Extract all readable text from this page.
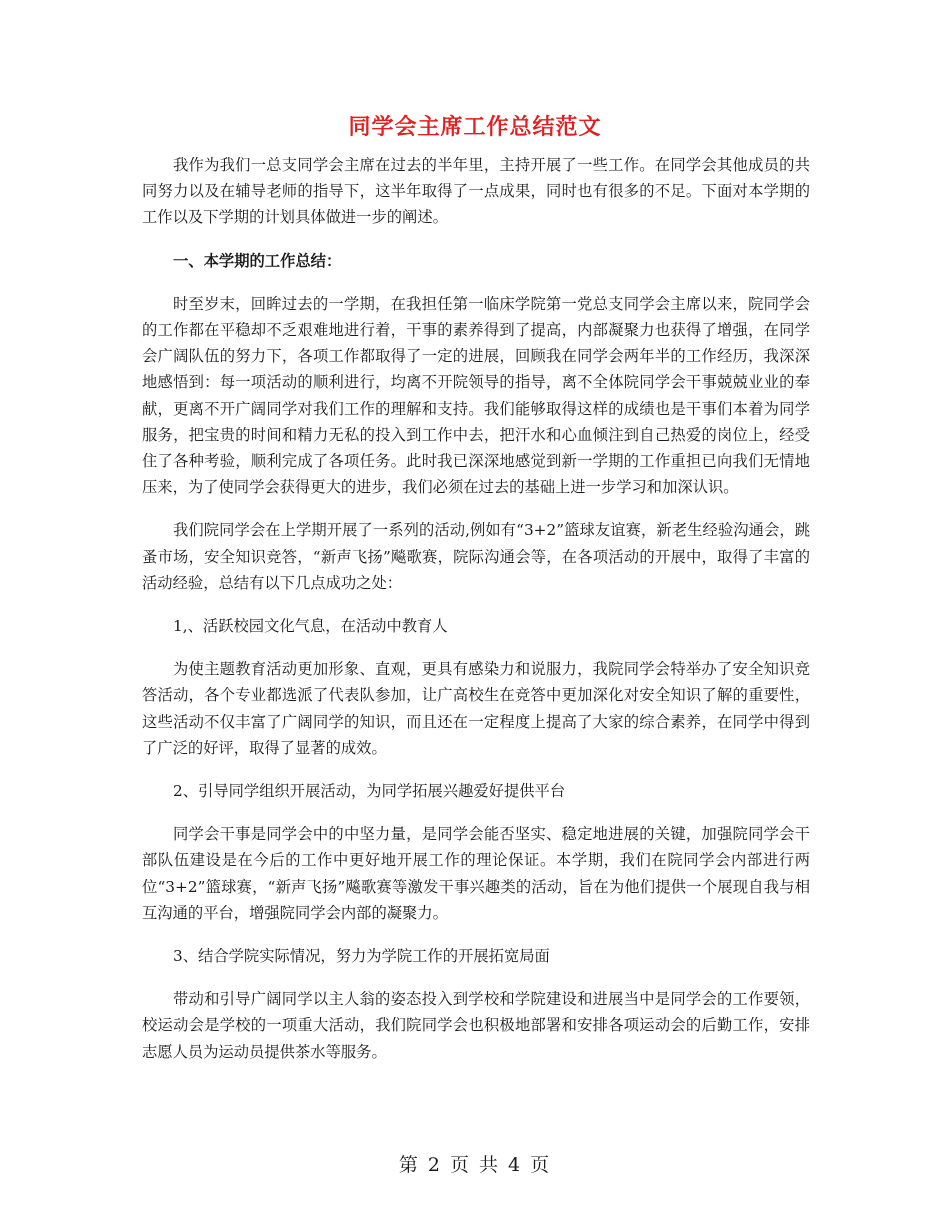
同学会主席工作总结范文

我作为我们一总支同学会主席在过去的半年里，主持开展了一些工作。在同学会其他成员的共同努力以及在辅导老师的指导下，这半年取得了一点成果，同时也有很多的不足。下面对本学期的工作以及下学期的计划具体做进一步的阐述。

一、本学期的工作总结：

时至岁末，回眸过去的一学期，在我担任第一临床学院第一党总支同学会主席以来，院同学会的工作都在平稳却不乏艰难地进行着，干事的素养得到了提高，内部凝聚力也获得了增强，在同学会广阔队伍的努力下，各项工作都取得了一定的进展，回顾我在同学会两年半的工作经历，我深深地感悟到：每一项活动的顺利进行，均离不开院领导的指导，离不全体院同学会干事兢兢业业的奉献，更离不开广阔同学对我们工作的理解和支持。我们能够取得这样的成绩也是干事们本着为同学服务，把宝贵的时间和精力无私的投入到工作中去，把汗水和心血倾注到自己热爱的岗位上，经受住了各种考验，顺利完成了各项任务。此时我已深深地感觉到新一学期的工作重担已向我们无情地压来，为了使同学会获得更大的进步，我们必须在过去的基础上进一步学习和加深认识。

我们院同学会在上学期开展了一系列的活动,例如有“3+2”篮球友谊赛，新老生经验沟通会，跳蚤市场，安全知识竞答，“新声飞扬”飚歌赛，院际沟通会等，在各项活动的开展中，取得了丰富的活动经验，总结有以下几点成功之处：

1,、活跃校园文化气息，在活动中教育人

为使主题教育活动更加形象、直观，更具有感染力和说服力，我院同学会特举办了安全知识竞答活动，各个专业都选派了代表队参加，让广高校生在竞答中更加深化对安全知识了解的重要性，这些活动不仅丰富了广阔同学的知识，而且还在一定程度上提高了大家的综合素养，在同学中得到了广泛的好评，取得了显著的成效。

2、引导同学组织开展活动，为同学拓展兴趣爱好提供平台

同学会干事是同学会中的中坚力量，是同学会能否坚实、稳定地进展的关键，加强院同学会干部队伍建设是在今后的工作中更好地开展工作的理论保证。本学期，我们在院同学会内部进行两位“3+2”篮球赛，“新声飞扬”飚歌赛等激发干事兴趣类的活动，旨在为他们提供一个展现自我与相互沟通的平台，增强院同学会内部的凝聚力。

3、结合学院实际情况，努力为学院工作的开展拓宽局面

带动和引导广阔同学以主人翁的姿态投入到学校和学院建设和进展当中是同学会的工作要领，校运动会是学校的一项重大活动，我们院同学会也积极地部署和安排各项运动会的后勤工作，安排志愿人员为运动员提供茶水等服务。

第 2 页 共 4 页
